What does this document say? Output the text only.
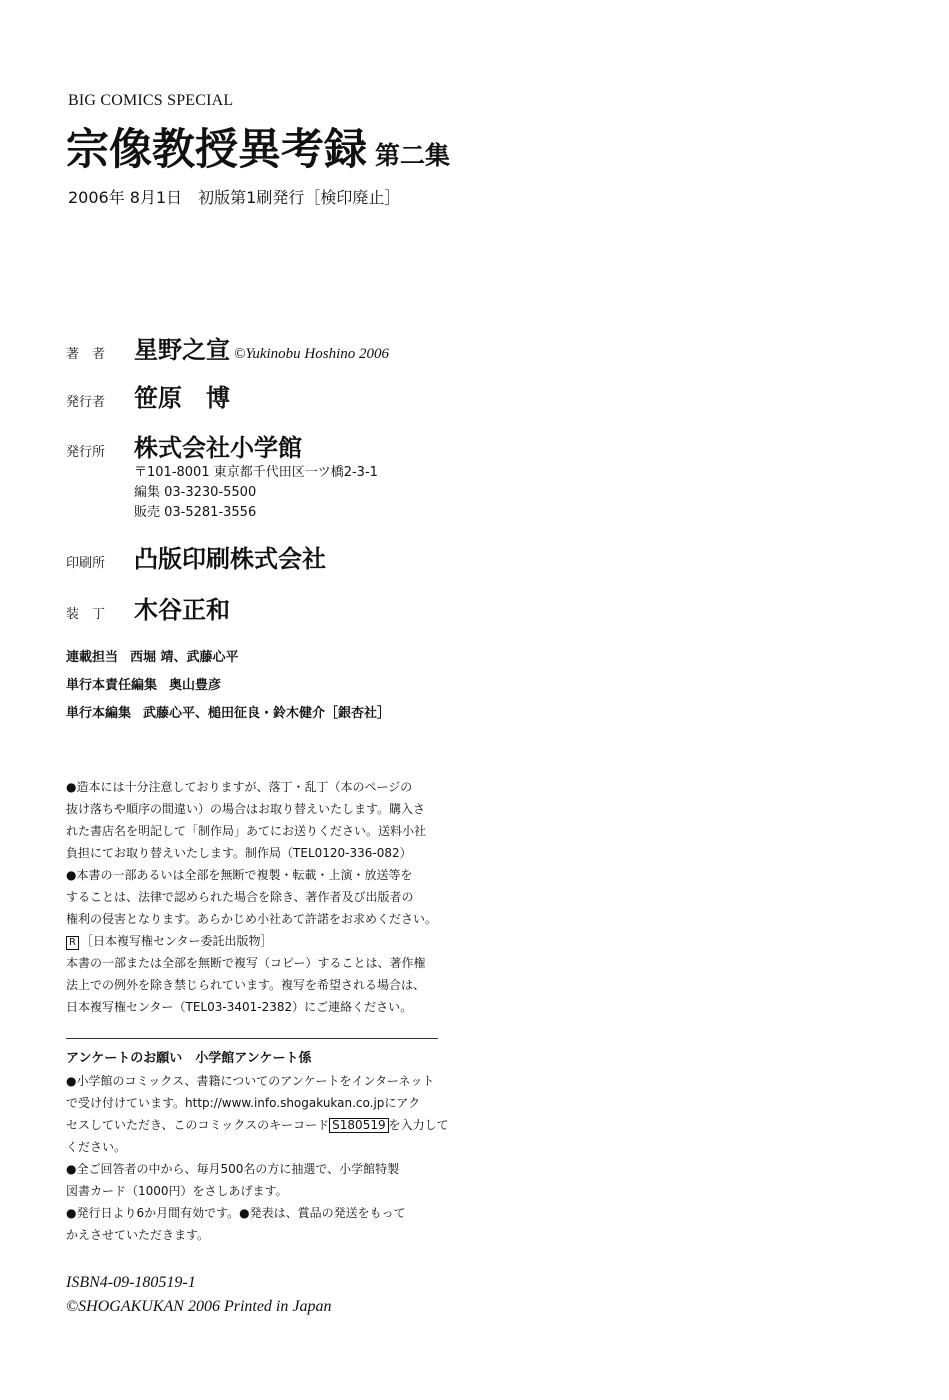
BIG COMICS SPECIAL
宗像教授異考録 第二集
2006年 8月1日　初版第1刷発行［検印廃止］
著　者 星野之宣 ©Yukinobu Hoshino 2006
発行者 笹原　博
発行所 株式会社小学館
〒101-8001 東京都千代田区一ツ橋2-3-1
編集 03-3230-5500
販売 03-5281-3556
印刷所 凸版印刷株式会社
装　丁 木谷正和
連載担当 西堀 靖、武藤心平
単行本責任編集 奥山豊彦
単行本編集 武藤心平、槌田征良・鈴木健介［銀杏社］
●造本には十分注意しておりますが、落丁・乱丁（本のページの
抜け落ちや順序の間違い）の場合はお取り替えいたします。購入さ
れた書店名を明記して「制作局」あてにお送りください。送料小社
負担にてお取り替えいたします。制作局（TEL0120-336-082）
●本書の一部あるいは全部を無断で複製・転載・上演・放送等を
することは、法律で認められた場合を除き、著作者及び出版者の
権利の侵害となります。あらかじめ小社あて許諾をお求めください。
R ［日本複写権センター委託出版物］
本書の一部または全部を無断で複写（コピー）することは、著作権
法上での例外を除き禁じられています。複写を希望される場合は、
日本複写権センター（TEL03-3401-2382）にご連絡ください。
アンケートのお願い　小学館アンケート係
●小学館のコミックス、書籍についてのアンケートをインターネット
で受け付けています。http://www.info.shogakukan.co.jpにアク
セスしていただき、このコミックスのキーコード S180519 を入力して
ください。
●全ご回答者の中から、毎月500名の方に抽選で、小学館特製
図書カード（1000円）をさしあげます。
●発行日より6か月間有効です。●発表は、賞品の発送をもって
かえさせていただきます。
ISBN4-09-180519-1
©SHOGAKUKAN 2006 Printed in Japan
